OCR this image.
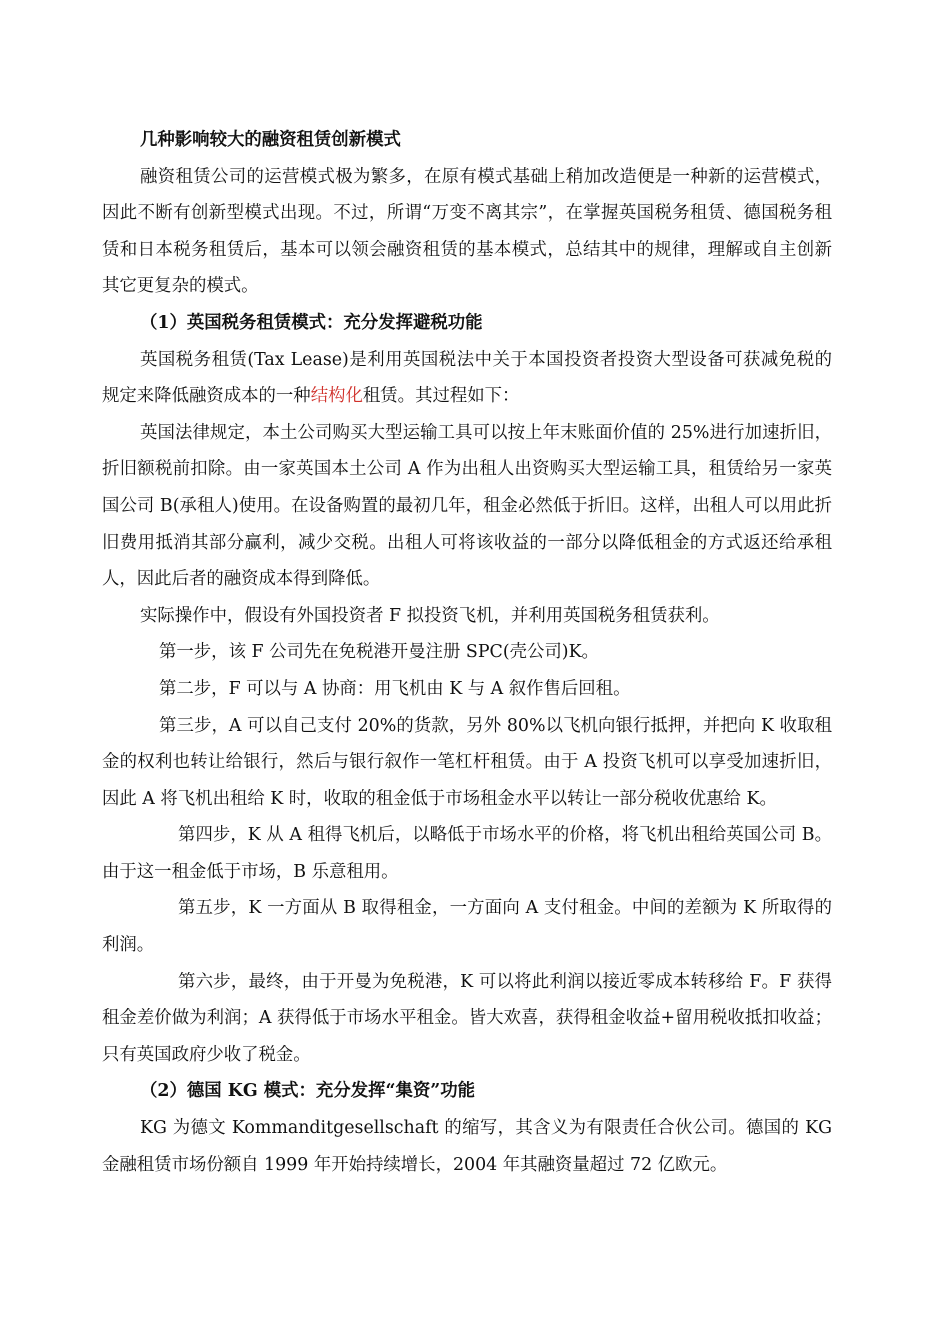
几种影响较大的融资租赁创新模式

融资租赁公司的运营模式极为繁多，在原有模式基础上稍加改造便是一种新的运营模式，因此不断有创新型模式出现。不过，所谓“万变不离其宗”，在掌握英国税务租赁、德国税务租赁和日本税务租赁后，基本可以领会融资租赁的基本模式，总结其中的规律，理解或自主创新其它更复杂的模式。

（1）英国税务租赁模式：充分发挥避税功能

英国税务租赁(Tax Lease)是利用英国税法中关于本国投资者投资大型设备可获减免税的规定来降低融资成本的一种结构化租赁。其过程如下：

英国法律规定，本土公司购买大型运输工具可以按上年末账面价值的 25%进行加速折旧，折旧额税前扣除。由一家英国本土公司 A 作为出租人出资购买大型运输工具，租赁给另一家英国公司 B(承租人)使用。在设备购置的最初几年，租金必然低于折旧。这样，出租人可以用此折旧费用抵消其部分赢利，减少交税。出租人可将该收益的一部分以降低租金的方式返还给承租人，因此后者的融资成本得到降低。

实际操作中，假设有外国投资者 F 拟投资飞机，并利用英国税务租赁获利。

第一步，该 F 公司先在免税港开曼注册 SPC(壳公司)K。

第二步，F 可以与 A 协商：用飞机由 K 与 A 叙作售后回租。

第三步，A 可以自己支付 20%的货款，另外 80%以飞机向银行抵押，并把向 K 收取租金的权利也转让给银行，然后与银行叙作一笔杠杆租赁。由于 A 投资飞机可以享受加速折旧，因此 A 将飞机出租给 K 时，收取的租金低于市场租金水平以转让一部分税收优惠给 K。

第四步，K 从 A 租得飞机后，以略低于市场水平的价格，将飞机出租给英国公司 B。 由于这一租金低于市场，B 乐意租用。

第五步，K 一方面从 B 取得租金，一方面向 A 支付租金。中间的差额为 K 所取得的利润。

第六步，最终，由于开曼为免税港，K 可以将此利润以接近零成本转移给 F。F 获得租金差价做为利润；A 获得低于市场水平租金。皆大欢喜，获得租金收益+留用税收抵扣收益；只有英国政府少收了税金。

（2）德国 KG 模式：充分发挥“集资”功能

KG 为德文 Kommanditgesellschaft 的缩写，其含义为有限责任合伙公司。德国的 KG 金融租赁市场份额自 1999 年开始持续增长，2004 年其融资量超过 72 亿欧元。
